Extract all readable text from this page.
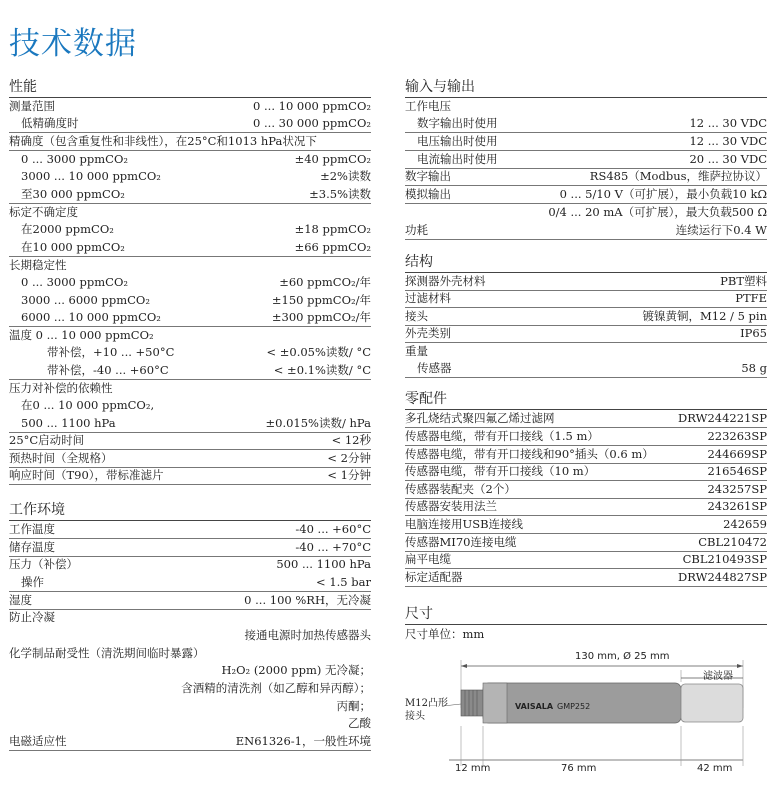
技术数据
性能
测量范围	0 ... 10 000 ppmCO₂
低精确度时	0 ... 30 000 ppmCO₂
精确度（包含重复性和非线性），在25°C和1013 hPa状况下
0 ... 3000 ppmCO₂	±40 ppmCO₂
3000 ... 10 000 ppmCO₂	±2%读数
至30 000 ppmCO₂	±3.5%读数
标定不确定度
在2000 ppmCO₂	±18 ppmCO₂
在10 000 ppmCO₂	±66 ppmCO₂
长期稳定性
0 ... 3000 ppmCO₂	±60 ppmCO₂/年
3000 ... 6000 ppmCO₂	±150 ppmCO₂/年
6000 ... 10 000 ppmCO₂	±300 ppmCO₂/年
温度 0 ... 10 000 ppmCO₂
带补偿，+10 ... +50°C	< ±0.05%读数/ °C
带补偿，-40 ... +60°C	< ±0.1%读数/ °C
压力对补偿的依赖性
在0 ... 10 000 ppmCO₂,
500 ... 1100 hPa	±0.015%读数/ hPa
25°C启动时间	< 12秒
预热时间（全规格）	< 2分钟
响应时间（T90），带标准滤片	< 1分钟
工作环境
工作温度	-40 ... +60°C
储存温度	-40 ... +70°C
压力（补偿）	500 ... 1100 hPa
操作	< 1.5 bar
湿度	0 ... 100 %RH，无冷凝
防止冷凝
接通电源时加热传感器头
化学制品耐受性（清洗期间临时暴露）
H₂O₂ (2000 ppm) 无冷凝；
含酒精的清洗剂（如乙醇和异丙醇）；
丙酮；
乙酸
电磁适应性	EN61326-1，一般性环境
输入与输出
工作电压
数字输出时使用	12 ... 30 VDC
电压输出时使用	12 ... 30 VDC
电流输出时使用	20 ... 30 VDC
数字输出	RS485（Modbus，维萨拉协议）
模拟输出	0 ... 5/10 V（可扩展），最小负载10 kΩ
0/4 ... 20 mA（可扩展），最大负载500 Ω
功耗	连续运行下0.4 W
结构
探测器外壳材料	PBT塑料
过滤材料	PTFE
接头	镀镍黄铜，M12 / 5 pin
外壳类别	IP65
重量
传感器	58 g
零配件
多孔烧结式聚四氟乙烯过滤网	DRW244221SP
传感器电缆，带有开口接线（1.5 m）	223263SP
传感器电缆，带有开口接线和90°插头（0.6 m）	244669SP
传感器电缆，带有开口接线（10 m）	216546SP
传感器装配夹（2个）	243257SP
传感器安装用法兰	243261SP
电脑连接用USB连接线	242659
传感器MI70连接电缆	CBL210472
扁平电缆	CBL210493SP
标定适配器	DRW244827SP
尺寸
尺寸单位：mm
130 mm, Ø 25 mm
滤波器
M12凸形
接头
VAISALA GMP252
12 mm	76 mm	42 mm
